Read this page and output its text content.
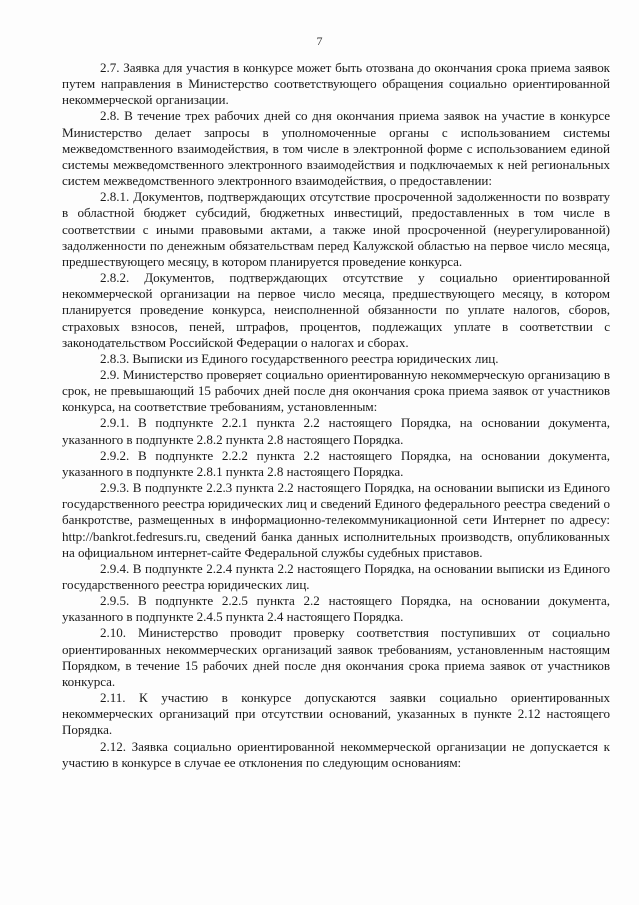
7

2.7. Заявка для участия в конкурсе может быть отозвана до окончания срока приема заявок путем направления в Министерство соответствующего обращения социально ориентированной некоммерческой организации.

2.8. В течение трех рабочих дней со дня окончания приема заявок на участие в конкурсе Министерство делает запросы в уполномоченные органы с использованием системы межведомственного взаимодействия, в том числе в электронной форме с использованием единой системы межведомственного электронного взаимодействия и подключаемых к ней региональных систем межведомственного электронного взаимодействия, о предоставлении:

2.8.1. Документов, подтверждающих отсутствие просроченной задолженности по возврату в областной бюджет субсидий, бюджетных инвестиций, предоставленных в том числе в соответствии с иными правовыми актами, а также иной просроченной (неурегулированной) задолженности по денежным обязательствам перед Калужской областью на первое число месяца, предшествующего месяцу, в котором планируется проведение конкурса.

2.8.2. Документов, подтверждающих отсутствие у социально ориентированной некоммерческой организации на первое число месяца, предшествующего месяцу, в котором планируется проведение конкурса, неисполненной обязанности по уплате налогов, сборов, страховых взносов, пеней, штрафов, процентов, подлежащих уплате в соответствии с законодательством Российской Федерации о налогах и сборах.

2.8.3. Выписки из Единого государственного реестра юридических лиц.

2.9. Министерство проверяет социально ориентированную некоммерческую организацию в срок, не превышающий 15 рабочих дней после дня окончания срока приема заявок от участников конкурса, на соответствие требованиям, установленным:

2.9.1. В подпункте 2.2.1 пункта 2.2 настоящего Порядка, на основании документа, указанного в подпункте 2.8.2 пункта 2.8 настоящего Порядка.

2.9.2. В подпункте 2.2.2 пункта 2.2 настоящего Порядка, на основании документа, указанного в подпункте 2.8.1 пункта 2.8 настоящего Порядка.

2.9.3. В подпункте 2.2.3 пункта 2.2 настоящего Порядка, на основании выписки из Единого государственного реестра юридических лиц и сведений Единого федерального реестра сведений о банкротстве, размещенных в информационно-телекоммуникационной сети Интернет по адресу: http://bankrot.fedresurs.ru, сведений банка данных исполнительных производств, опубликованных на официальном интернет-сайте Федеральной службы судебных приставов.

2.9.4. В подпункте 2.2.4 пункта 2.2 настоящего Порядка, на основании выписки из Единого государственного реестра юридических лиц.

2.9.5. В подпункте 2.2.5 пункта 2.2 настоящего Порядка, на основании документа, указанного в подпункте 2.4.5 пункта 2.4 настоящего Порядка.

2.10. Министерство проводит проверку соответствия поступивших от социально ориентированных некоммерческих организаций заявок требованиям, установленным настоящим Порядком, в течение 15 рабочих дней после дня окончания срока приема заявок от участников конкурса.

2.11. К участию в конкурсе допускаются заявки социально ориентированных некоммерческих организаций при отсутствии оснований, указанных в пункте 2.12 настоящего Порядка.

2.12. Заявка социально ориентированной некоммерческой организации не допускается к участию в конкурсе в случае ее отклонения по следующим основаниям:
